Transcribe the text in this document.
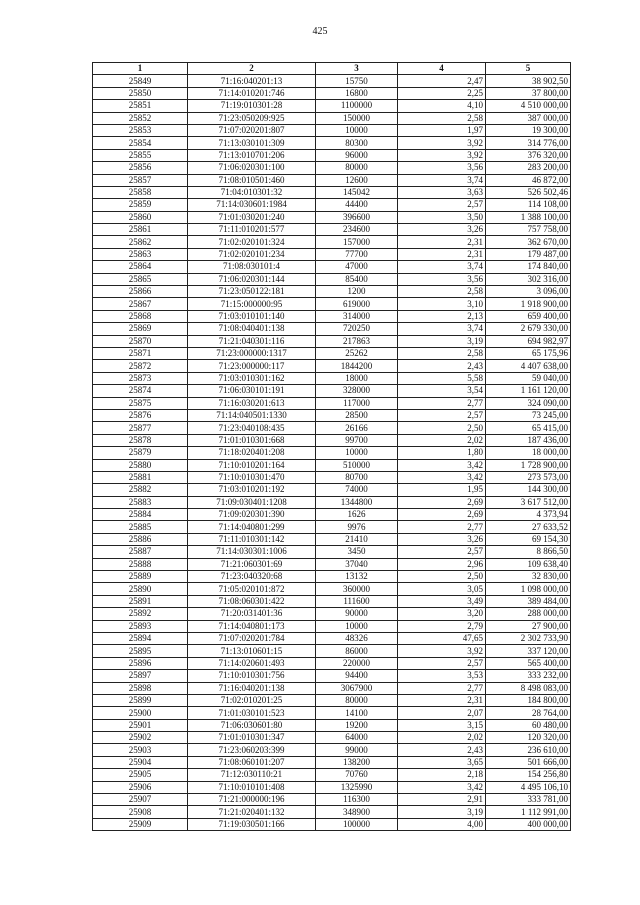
425
1	2	3	4	5
25849	71:16:040201:13	15750	2,47	38 902,50
25850	71:14:010201:746	16800	2,25	37 800,00
25851	71:19:010301:28	1100000	4,10	4 510 000,00
25852	71:23:050209:925	150000	2,58	387 000,00
25853	71:07:020201:807	10000	1,97	19 300,00
25854	71:13:030101:309	80300	3,92	314 776,00
25855	71:13:010701:206	96000	3,92	376 320,00
25856	71:06:020301:100	80000	3,56	283 200,00
25857	71:08:010501:460	12600	3,74	46 872,00
25858	71:04:010301:32	145042	3,63	526 502,46
25859	71:14:030601:1984	44400	2,57	114 108,00
25860	71:01:030201:240	396600	3,50	1 388 100,00
25861	71:11:010201:577	234600	3,26	757 758,00
25862	71:02:020101:324	157000	2,31	362 670,00
25863	71:02:020101:234	77700	2,31	179 487,00
25864	71:08:030101:4	47000	3,74	174 840,00
25865	71:06:020301:144	85400	3,56	302 316,00
25866	71:23:050122:181	1200	2,58	3 096,00
25867	71:15:000000:95	619000	3,10	1 918 900,00
25868	71:03:010101:140	314000	2,13	659 400,00
25869	71:08:040401:138	720250	3,74	2 679 330,00
25870	71:21:040301:116	217863	3,19	694 982,97
25871	71:23:000000:1317	25262	2,58	65 175,96
25872	71:23:000000:117	1844200	2,43	4 407 638,00
25873	71:03:010301:162	18000	5,58	59 040,00
25874	71:06:030101:191	328000	3,54	1 161 120,00
25875	71:16:030201:613	117000	2,77	324 090,00
25876	71:14:040501:1330	28500	2,57	73 245,00
25877	71:23:040108:435	26166	2,50	65 415,00
25878	71:01:010301:668	99700	2,02	187 436,00
25879	71:18:020401:208	10000	1,80	18 000,00
25880	71:10:010201:164	510000	3,42	1 728 900,00
25881	71:10:010301:470	80700	3,42	273 573,00
25882	71:03:010201:192	74000	1,95	144 300,00
25883	71:09:030401:1208	1344800	2,69	3 617 512,00
25884	71:09:020301:390	1626	2,69	4 373,94
25885	71:14:040801:299	9976	2,77	27 633,52
25886	71:11:010301:142	21410	3,26	69 154,30
25887	71:14:030301:1006	3450	2,57	8 866,50
25888	71:21:060301:69	37040	2,96	109 638,40
25889	71:23:040320:68	13132	2,50	32 830,00
25890	71:05:020101:872	360000	3,05	1 098 000,00
25891	71:08:060301:422	111600	3,49	389 484,00
25892	71:20:031401:36	90000	3,20	288 000,00
25893	71:14:040801:173	10000	2,79	27 900,00
25894	71:07:020201:784	48326	47,65	2 302 733,90
25895	71:13:010601:15	86000	3,92	337 120,00
25896	71:14:020601:493	220000	2,57	565 400,00
25897	71:10:010301:756	94400	3,53	333 232,00
25898	71:16:040201:138	3067900	2,77	8 498 083,00
25899	71:02:010201:25	80000	2,31	184 800,00
25900	71:01:030101:523	14100	2,07	28 764,00
25901	71:06:030601:80	19200	3,15	60 480,00
25902	71:01:010301:347	64000	2,02	120 320,00
25903	71:23:060203:399	99000	2,43	236 610,00
25904	71:08:060101:207	138200	3,65	501 666,00
25905	71:12:030110:21	70760	2,18	154 256,80
25906	71:10:010101:408	1325990	3,42	4 495 106,10
25907	71:21:000000:196	116300	2,91	333 781,00
25908	71:21:020401:132	348900	3,19	1 112 991,00
25909	71:19:030501:166	100000	4,00	400 000,00
